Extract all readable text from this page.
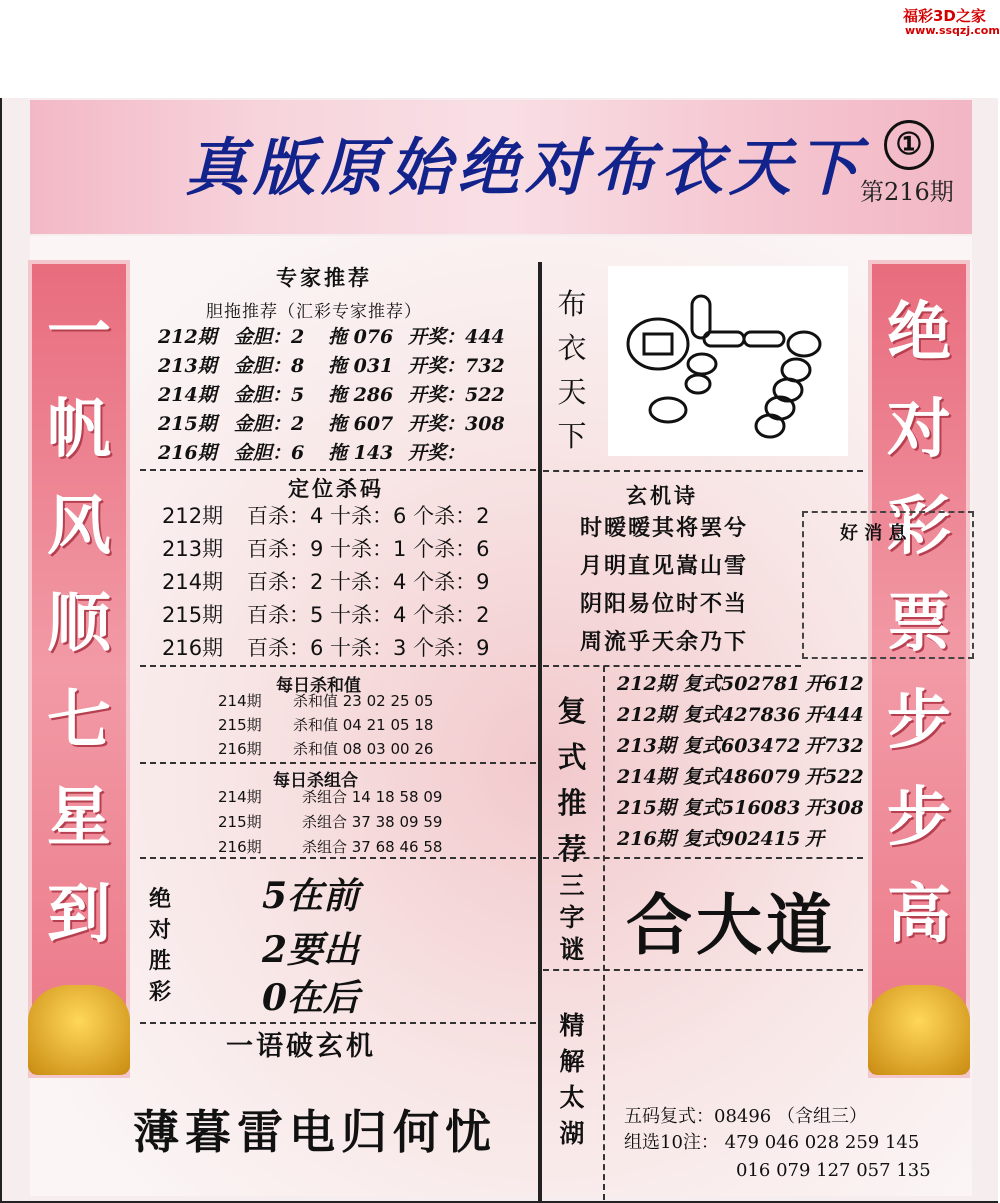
福彩3D之家
www.ssqzj.com
真版原始绝对布衣天下	①
第216期
一
帆
风
顺
七
星
到
绝
对
彩
票
步
步
高
专家推荐
胆拖推荐（汇彩专家推荐）
212期 金胆：2 拖 076 开奖：444
213期 金胆：8 拖 031 开奖：732
214期 金胆：5 拖 286 开奖：522
215期 金胆：2 拖 607 开奖：308
216期 金胆：6 拖 143 开奖：
定位杀码
212期 百杀：4 十杀：6 个杀：2
213期 百杀：9 十杀：1 个杀：6
214期 百杀：2 十杀：4 个杀：9
215期 百杀：5 十杀：4 个杀：2
216期 百杀：6 十杀：3 个杀：9
每日杀和值
214期 杀和值 23 02 25 05
215期 杀和值 04 21 05 18
216期 杀和值 08 03 00 26
每日杀组合
214期	杀组合 14 18 58 09
215期	杀组合 37 38 09 59
216期	杀组合 37 68 46 58
绝
对
胜
彩
5在前
2要出
0在后
一语破玄机
薄暮雷电归何忧
布
衣
天
下
玄机诗
时暧暧其将罢兮
月明直见嵩山雪
阴阳易位时不当
周流乎天余乃下
好 消 息
复
式
推
荐
212期 复式502781 开612
212期 复式427836 开444
213期 复式603472 开732
214期 复式486079 开522
215期 复式516083 开308
216期 复式902415 开
三
字
谜 合大道
精
解
太
湖
五码复式：08496 （含组三）
组选10注： 479 046 028 259 145
016 079 127 057 135
